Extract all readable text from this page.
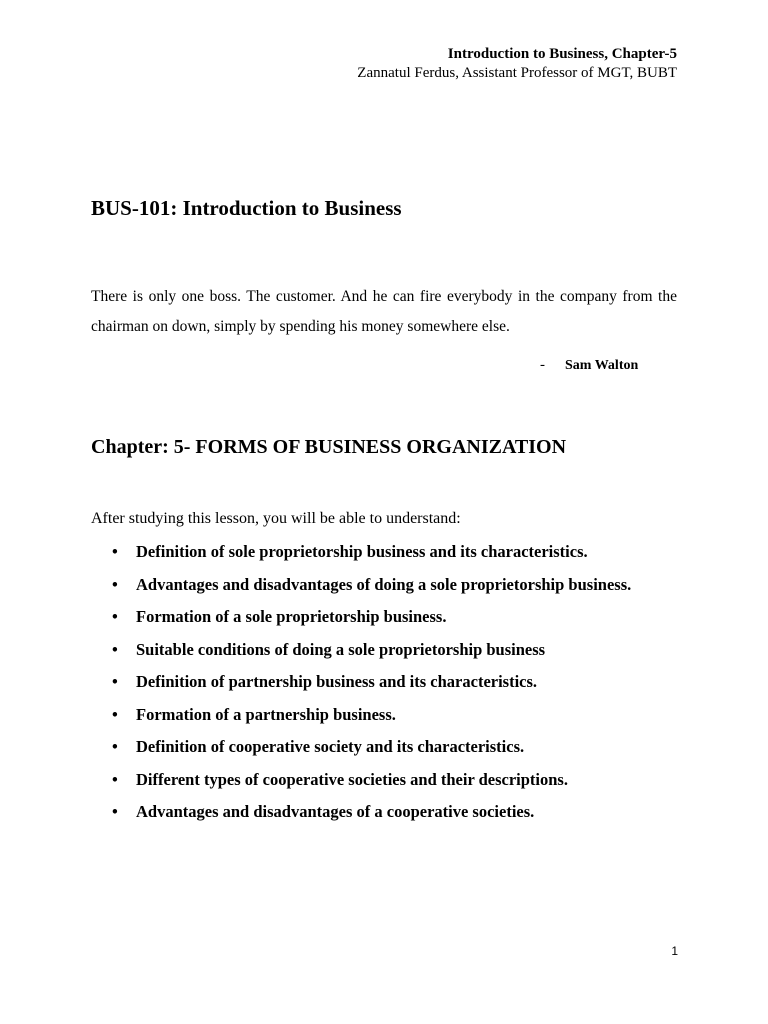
Introduction to Business, Chapter-5
Zannatul Ferdus, Assistant Professor of MGT, BUBT
BUS-101: Introduction to Business

There is only one boss. The customer. And he can fire everybody in the company from the chairman on down, simply by spending his money somewhere else.

- Sam Walton
Chapter: 5- FORMS OF BUSINESS ORGANIZATION
After studying this lesson, you will be able to understand:
• Definition of sole proprietorship business and its characteristics.
• Advantages and disadvantages of doing a sole proprietorship business.
• Formation of a sole proprietorship business.
• Suitable conditions of doing a sole proprietorship business
• Definition of partnership business and its characteristics.
• Formation of a partnership business.
• Definition of cooperative society and its characteristics.
• Different types of cooperative societies and their descriptions.
• Advantages and disadvantages of a cooperative societies.
1
